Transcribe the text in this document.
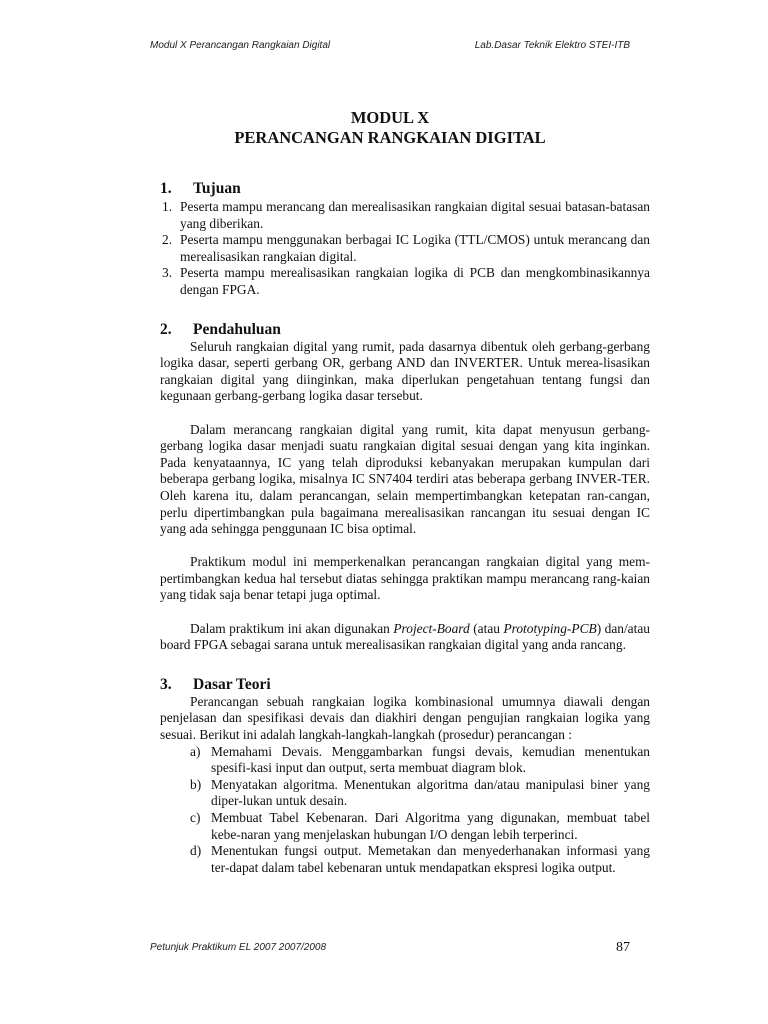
Modul X Perancangan Rangkaian Digital	Lab.Dasar Teknik Elektro STEI-ITB
MODUL X
PERANCANGAN RANGKAIAN DIGITAL
1. Tujuan
1. Peserta mampu merancang dan merealisasikan rangkaian digital sesuai batasan-batasan yang diberikan.
2. Peserta mampu menggunakan berbagai IC Logika (TTL/CMOS) untuk merancang dan merealisasikan rangkaian digital.
3. Peserta mampu merealisasikan rangkaian logika di PCB dan mengkombinasikannya dengan FPGA.
2. Pendahuluan

Seluruh rangkaian digital yang rumit, pada dasarnya dibentuk oleh gerbang-gerbang logika dasar, seperti gerbang OR, gerbang AND dan INVERTER. Untuk merea-lisasikan rangkaian digital yang diinginkan, maka diperlukan pengetahuan tentang fungsi dan kegunaan gerbang-gerbang logika dasar tersebut.

Dalam merancang rangkaian digital yang rumit, kita dapat menyusun gerbang-gerbang logika dasar menjadi suatu rangkaian digital sesuai dengan yang kita inginkan. Pada kenyataannya, IC yang telah diproduksi kebanyakan merupakan kumpulan dari beberapa gerbang logika, misalnya IC SN7404 terdiri atas beberapa gerbang INVER-TER. Oleh karena itu, dalam perancangan, selain mempertimbangkan ketepatan ran-cangan, perlu dipertimbangkan pula bagaimana merealisasikan rancangan itu sesuai dengan IC yang ada sehingga penggunaan IC bisa optimal.

Praktikum modul ini memperkenalkan perancangan rangkaian digital yang mem-pertimbangkan kedua hal tersebut diatas sehingga praktikan mampu merancang rang-kaian yang tidak saja benar tetapi juga optimal.

Dalam praktikum ini akan digunakan Project-Board (atau Prototyping-PCB) dan/atau board FPGA sebagai sarana untuk merealisasikan rangkaian digital yang anda rancang.

3. Dasar Teori

Perancangan sebuah rangkaian logika kombinasional umumnya diawali dengan penjelasan dan spesifikasi devais dan diakhiri dengan pengujian rangkaian logika yang sesuai. Berikut ini adalah langkah-langkah-langkah (prosedur) perancangan :

a) Memahami Devais. Menggambarkan fungsi devais, kemudian menentukan spesifi-kasi input dan output, serta membuat diagram blok.
b) Menyatakan algoritma. Menentukan algoritma dan/atau manipulasi biner yang diper-lukan untuk desain.
c) Membuat Tabel Kebenaran. Dari Algoritma yang digunakan, membuat tabel kebe-naran yang menjelaskan hubungan I/O dengan lebih terperinci.
d) Menentukan fungsi output. Memetakan dan menyederhanakan informasi yang ter-dapat dalam tabel kebenaran untuk mendapatkan ekspresi logika output.
Petunjuk Praktikum EL 2007 2007/2008	87
